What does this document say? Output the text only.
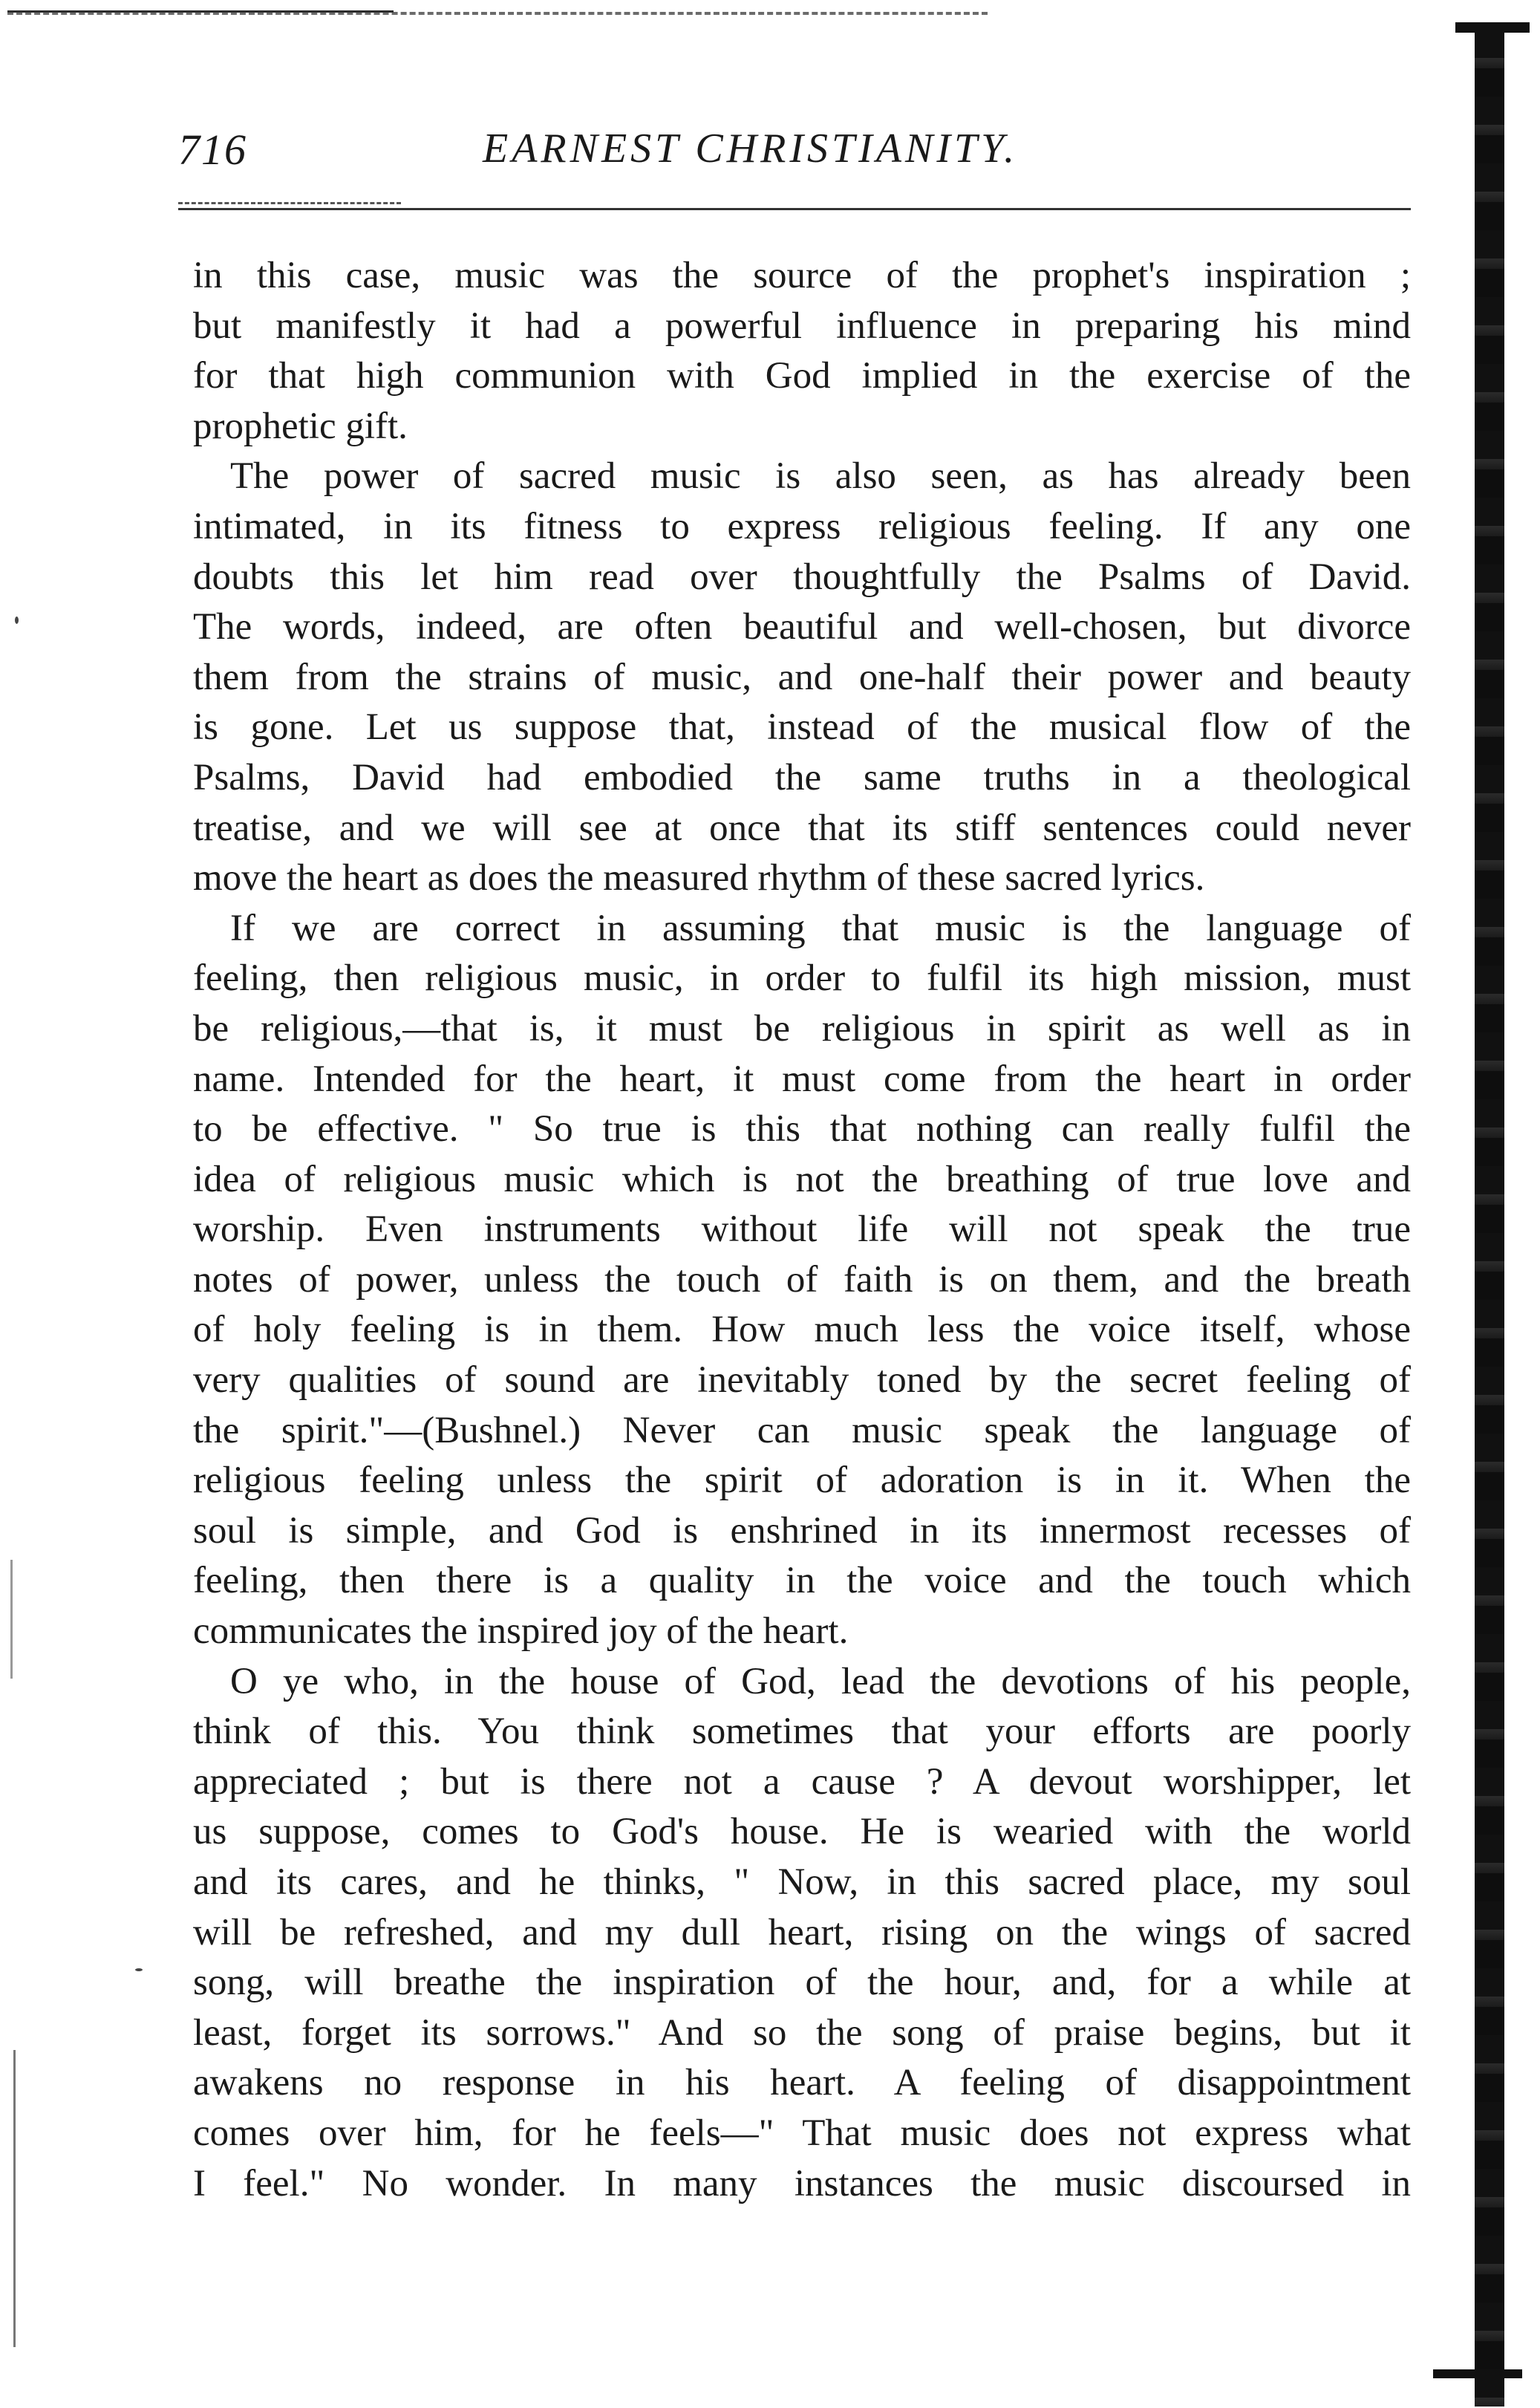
716	EARNEST CHRISTIANITY.
in this case, music was the source of the prophet's inspiration ;
but manifestly it had a powerful influence in preparing his mind
for that high communion with God implied in the exercise of the
prophetic gift.
The power of sacred music is also seen, as has already been
intimated, in its fitness to express religious feeling. If any one
doubts this let him read over thoughtfully the Psalms of David.
The words, indeed, are often beautiful and well-chosen, but divorce
them from the strains of music, and one-half their power and beauty
is gone. Let us suppose that, instead of the musical flow of the
Psalms, David had embodied the same truths in a theological
treatise, and we will see at once that its stiff sentences could never
move the heart as does the measured rhythm of these sacred lyrics.
If we are correct in assuming that music is the language of
feeling, then religious music, in order to fulfil its high mission, must
be religious,—that is, it must be religious in spirit as well as in
name. Intended for the heart, it must come from the heart in order
to be effective. " So true is this that nothing can really fulfil the
idea of religious music which is not the breathing of true love and
worship. Even instruments without life will not speak the true
notes of power, unless the touch of faith is on them, and the breath
of holy feeling is in them. How much less the voice itself, whose
very qualities of sound are inevitably toned by the secret feeling of
the spirit."—(Bushnel.) Never can music speak the language of
religious feeling unless the spirit of adoration is in it. When the
soul is simple, and God is enshrined in its innermost recesses of
feeling, then there is a quality in the voice and the touch which
communicates the inspired joy of the heart.
O ye who, in the house of God, lead the devotions of his people,
think of this. You think sometimes that your efforts are poorly
appreciated ; but is there not a cause ? A devout worshipper, let
us suppose, comes to God's house. He is wearied with the world
and its cares, and he thinks, " Now, in this sacred place, my soul
will be refreshed, and my dull heart, rising on the wings of sacred
song, will breathe the inspiration of the hour, and, for a while at
least, forget its sorrows." And so the song of praise begins, but it
awakens no response in his heart. A feeling of disappointment
comes over him, for he feels—" That music does not express what
I feel." No wonder. In many instances the music discoursed in
